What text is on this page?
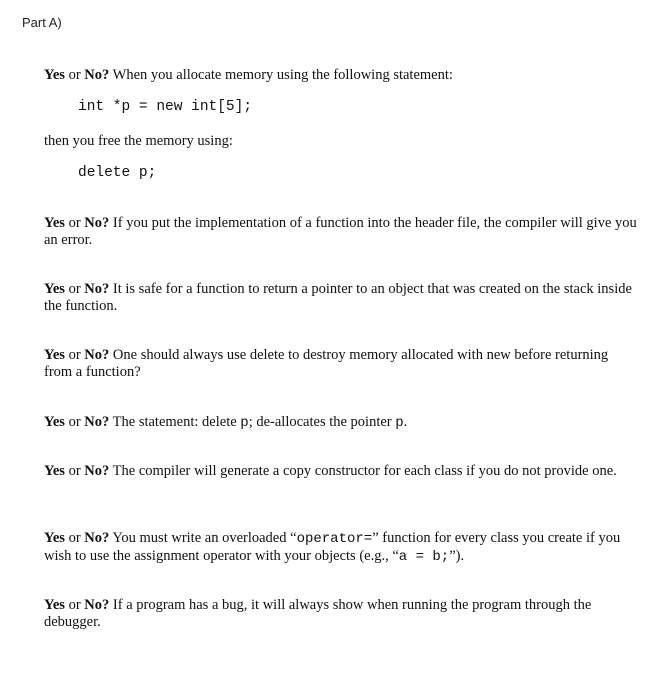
Part A)
Yes or No? When you allocate memory using the following statement:
int *p = new int[5];
then you free the memory using:
delete p;
Yes or No? If you put the implementation of a function into the header file, the compiler will give you an error.
Yes or No? It is safe for a function to return a pointer to an object that was created on the stack inside the function.
Yes or No? One should always use delete to destroy memory allocated with new before returning from a function?
Yes or No? The statement: delete p; de-allocates the pointer p.
Yes or No? The compiler will generate a copy constructor for each class if you do not provide one.
Yes or No? You must write an overloaded “operator=” function for every class you create if you wish to use the assignment operator with your objects (e.g., “a = b;”).
Yes or No? If a program has a bug, it will always show when running the program through the debugger.
